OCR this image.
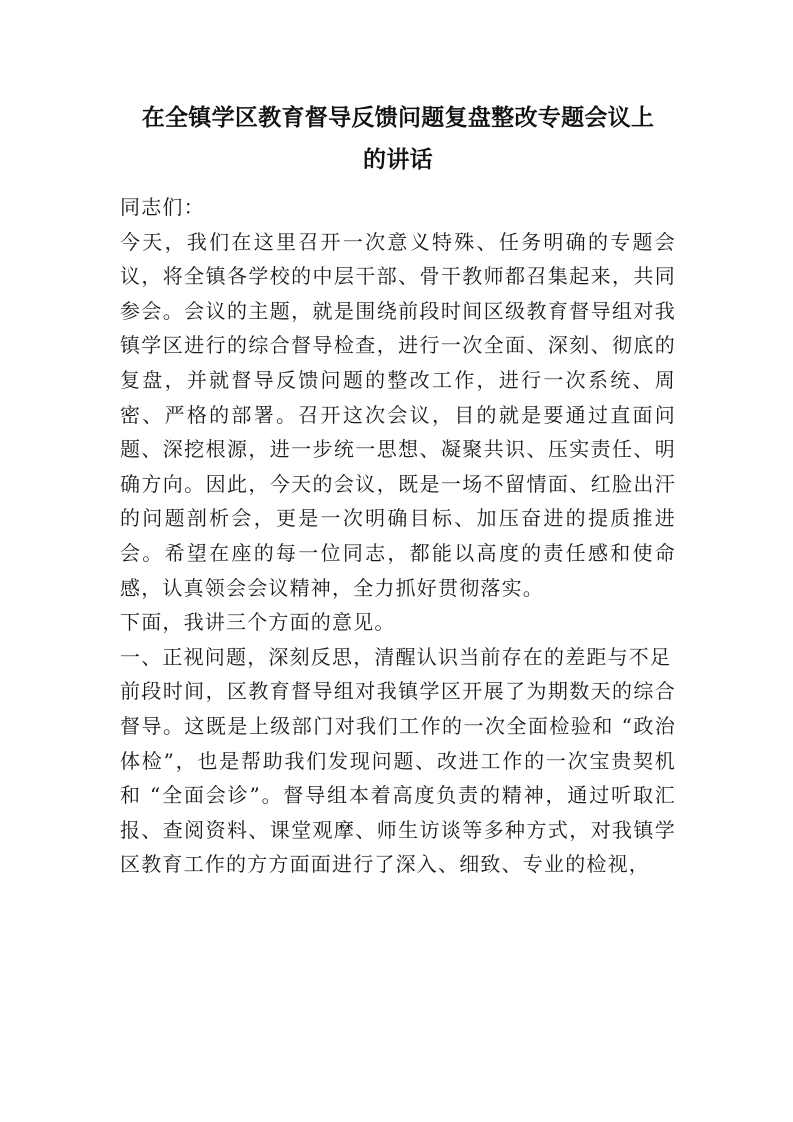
在全镇学区教育督导反馈问题复盘整改专题会议上
的讲话

同志们：

今天，我们在这里召开一次意义特殊、任务明确的专题会议，将全镇各学校的中层干部、骨干教师都召集起来，共同参会。会议的主题，就是围绕前段时间区级教育督导组对我镇学区进行的综合督导检查，进行一次全面、深刻、彻底的复盘，并就督导反馈问题的整改工作，进行一次系统、周密、严格的部署。召开这次会议，目的就是要通过直面问题、深挖根源，进一步统一思想、凝聚共识、压实责任、明确方向。因此，今天的会议，既是一场不留情面、红脸出汗的问题剖析会，更是一次明确目标、加压奋进的提质推进会。希望在座的每一位同志，都能以高度的责任感和使命感，认真领会会议精神，全力抓好贯彻落实。

下面，我讲三个方面的意见。

一、正视问题，深刻反思，清醒认识当前存在的差距与不足

前段时间，区教育督导组对我镇学区开展了为期数天的综合督导。这既是上级部门对我们工作的一次全面检验和 “政治体检”，也是帮助我们发现问题、改进工作的一次宝贵契机和 “全面会诊”。督导组本着高度负责的精神，通过听取汇报、查阅资料、课堂观摩、师生访谈等多种方式，对我镇学区教育工作的方方面面进行了深入、细致、专业的检视，
